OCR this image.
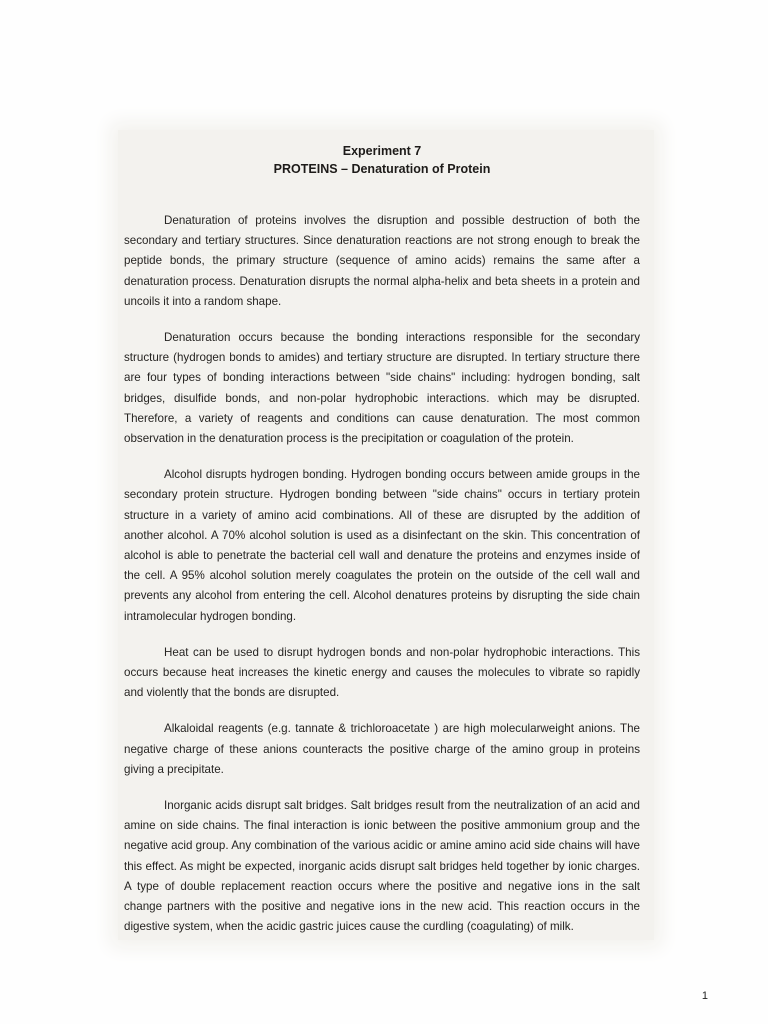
Experiment 7
PROTEINS – Denaturation of Protein

Denaturation of proteins involves the disruption and possible destruction of both the secondary and tertiary structures. Since denaturation reactions are not strong enough to break the peptide bonds, the primary structure (sequence of amino acids) remains the same after a denaturation process. Denaturation disrupts the normal alpha-helix and beta sheets in a protein and uncoils it into a random shape.

Denaturation occurs because the bonding interactions responsible for the secondary structure (hydrogen bonds to amides) and tertiary structure are disrupted. In tertiary structure there are four types of bonding interactions between "side chains" including: hydrogen bonding, salt bridges, disulfide bonds, and non-polar hydrophobic interactions. which may be disrupted. Therefore, a variety of reagents and conditions can cause denaturation. The most common observation in the denaturation process is the precipitation or coagulation of the protein.

Alcohol disrupts hydrogen bonding. Hydrogen bonding occurs between amide groups in the secondary protein structure. Hydrogen bonding between "side chains" occurs in tertiary protein structure in a variety of amino acid combinations. All of these are disrupted by the addition of another alcohol. A 70% alcohol solution is used as a disinfectant on the skin. This concentration of alcohol is able to penetrate the bacterial cell wall and denature the proteins and enzymes inside of the cell. A 95% alcohol solution merely coagulates the protein on the outside of the cell wall and prevents any alcohol from entering the cell. Alcohol denatures proteins by disrupting the side chain intramolecular hydrogen bonding.

Heat can be used to disrupt hydrogen bonds and non-polar hydrophobic interactions. This occurs because heat increases the kinetic energy and causes the molecules to vibrate so rapidly and violently that the bonds are disrupted.

Alkaloidal reagents (e.g. tannate & trichloroacetate ) are high molecularweight anions. The negative charge of these anions counteracts the positive charge of the amino group in proteins giving a precipitate.

Inorganic acids disrupt salt bridges. Salt bridges result from the neutralization of an acid and amine on side chains. The final interaction is ionic between the positive ammonium group and the negative acid group. Any combination of the various acidic or amine amino acid side chains will have this effect. As might be expected, inorganic acids disrupt salt bridges held together by ionic charges. A type of double replacement reaction occurs where the positive and negative ions in the salt change partners with the positive and negative ions in the new acid. This reaction occurs in the digestive system, when the acidic gastric juices cause the curdling (coagulating) of milk.

1
